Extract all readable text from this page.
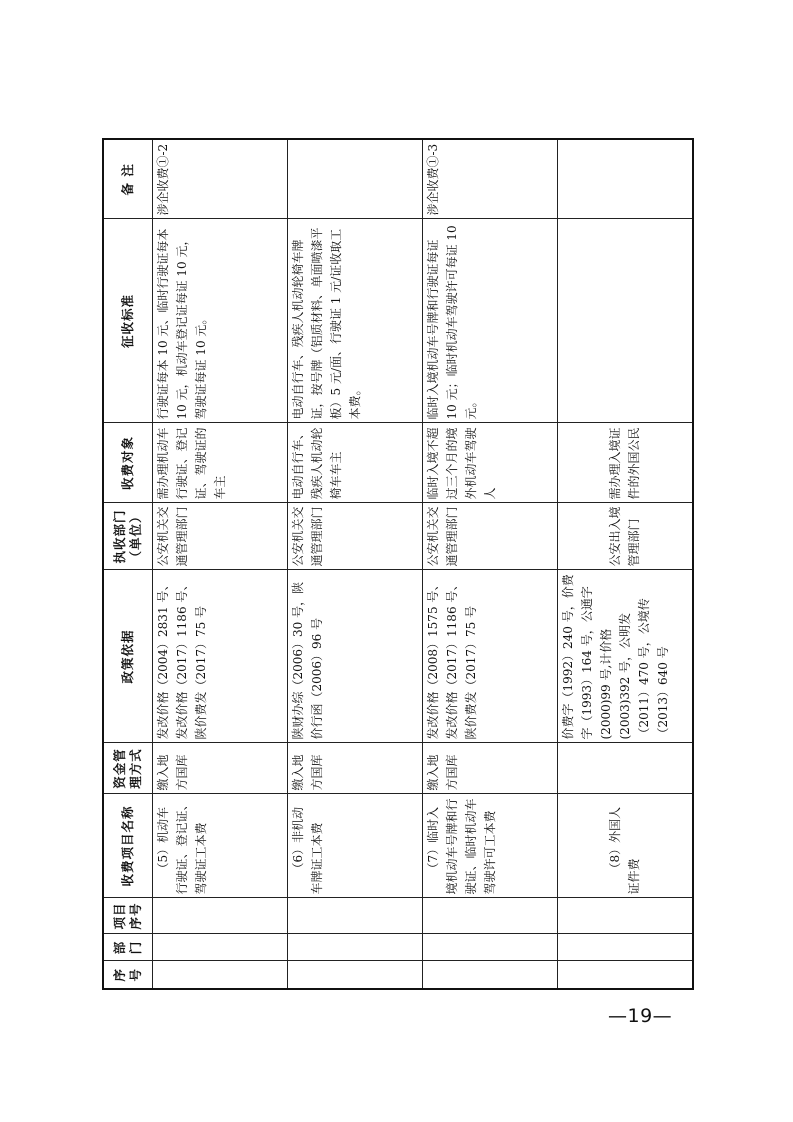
序号	部门	项目序号	收费项目名称	资金管理方式	政策依据	执收部门（单位）	收费对象	征收标准	备 注
			（5）机动车行驶证、登记证、驾驶证工本费	缴入地方国库	发改价格（2004）2831 号、发改价格（2017）1186 号、陕价费发（2017）75 号	公安机关交通管理部门	需办理机动车行驶证、登记证、驾驶证的车主	行驶证每本 10 元、临时行驶证每本 10 元，机动车登记证每证 10 元，驾驶证每证 10 元。	涉企收费①-2
			（6）非机动车牌证工本费	缴入地方国库	陕财办综（2006）30 号，陕价行函（2006）96 号	公安机关交通管理部门	电动自行车、残疾人机动轮椅车车主	电动自行车、残疾人机动轮椅车牌证，按号牌（铝质材料、单面喷漆平板）5 元/面、行驶证 1 元/证收取工本费。	
			（7）临时入境机动车号牌和行驶证、临时机动车驾驶许可工本费	缴入地方国库	发改价格（2008）1575 号、发改价格（2017）1186 号、陕价费发（2017）75 号	公安机关交通管理部门	临时入境不超过三个月的境外机动车驾驶人	临时入境机动车号牌和行驶证每证 10 元；临时机动车驾驶许可每证 10 元。	涉企收费①-3
			（8）外国人证件费		价费字（1992）240 号，价费字（1993）164 号，公通字(2000)99 号,计价格(2003)392 号，公明发（2011）470 号，公境传（2013）640 号	公安出入境管理部门	需办理入境证件的外国公民		
—19—
